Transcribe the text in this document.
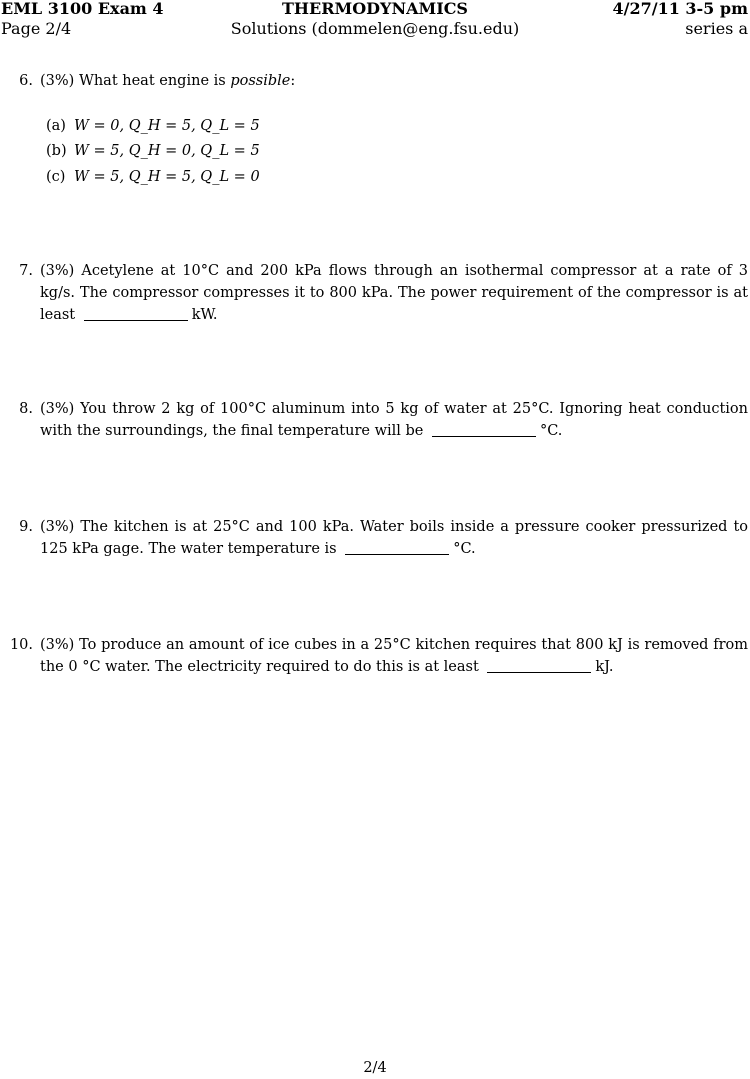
EML 3100 Exam 4	THERMODYNAMICS	4/27/11 3-5 pm
Page 2/4	Solutions (dommelen@eng.fsu.edu)	series a
6. (3%) What heat engine is possible:
(a) W = 0, Q_H = 5, Q_L = 5
(b) W = 5, Q_H = 0, Q_L = 5
(c) W = 5, Q_H = 5, Q_L = 0
7. (3%) Acetylene at 10°C and 200 kPa flows through an isothermal compressor at a rate of 3 kg/s. The compressor compresses it to 800 kPa. The power requirement of the compressor is at least	kW.
8. (3%) You throw 2 kg of 100°C aluminum into 5 kg of water at 25°C. Ignoring heat conduction with the surroundings, the final temperature will be	°C.
9. (3%) The kitchen is at 25°C and 100 kPa. Water boils inside a pressure cooker pressurized to 125 kPa gage. The water temperature is	°C.
10. (3%) To produce an amount of ice cubes in a 25°C kitchen requires that 800 kJ is removed from the 0 °C water. The electricity required to do this is at least	kJ.
2/4
